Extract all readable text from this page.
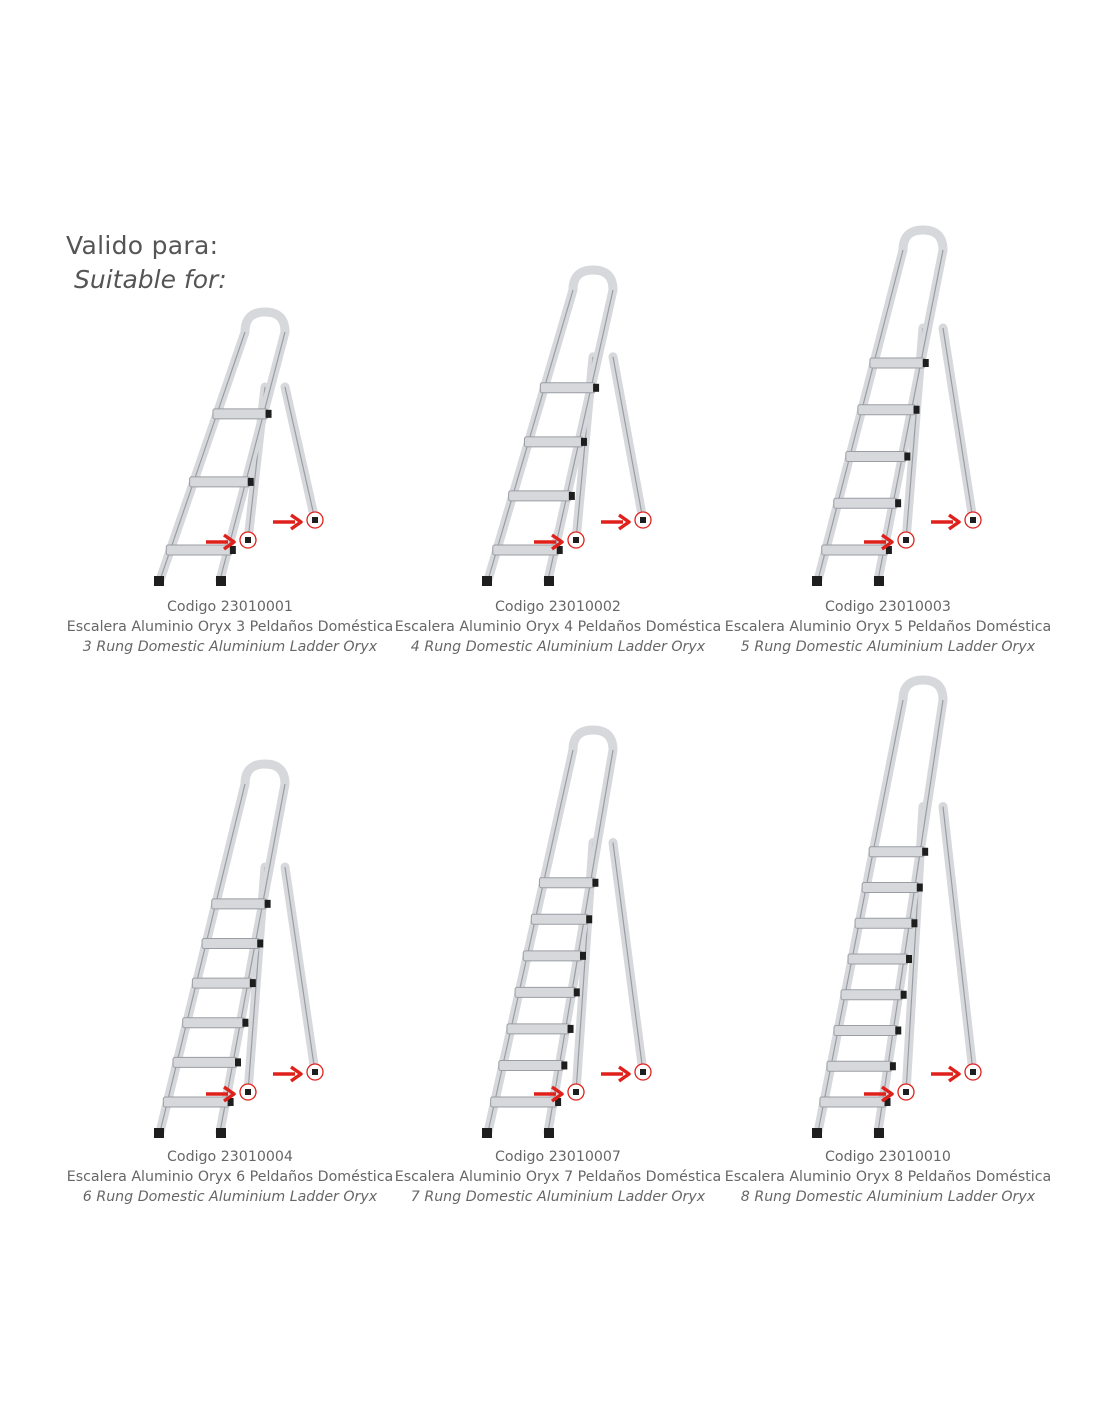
Valido para:
Suitable for:
Codigo 23010001
Escalera Aluminio Oryx 3 Peldaños Doméstica
3 Rung Domestic Aluminium Ladder Oryx
Codigo 23010002
Escalera Aluminio Oryx 4 Peldaños Doméstica
4 Rung Domestic Aluminium Ladder Oryx
Codigo 23010003
Escalera Aluminio Oryx 5 Peldaños Doméstica
5 Rung Domestic Aluminium Ladder Oryx
Codigo 23010004
Escalera Aluminio Oryx 6 Peldaños Doméstica
6 Rung Domestic Aluminium Ladder Oryx
Codigo 23010007
Escalera Aluminio Oryx 7 Peldaños Doméstica
7 Rung Domestic Aluminium Ladder Oryx
Codigo 23010010
Escalera Aluminio Oryx 8 Peldaños Doméstica
8 Rung Domestic Aluminium Ladder Oryx
